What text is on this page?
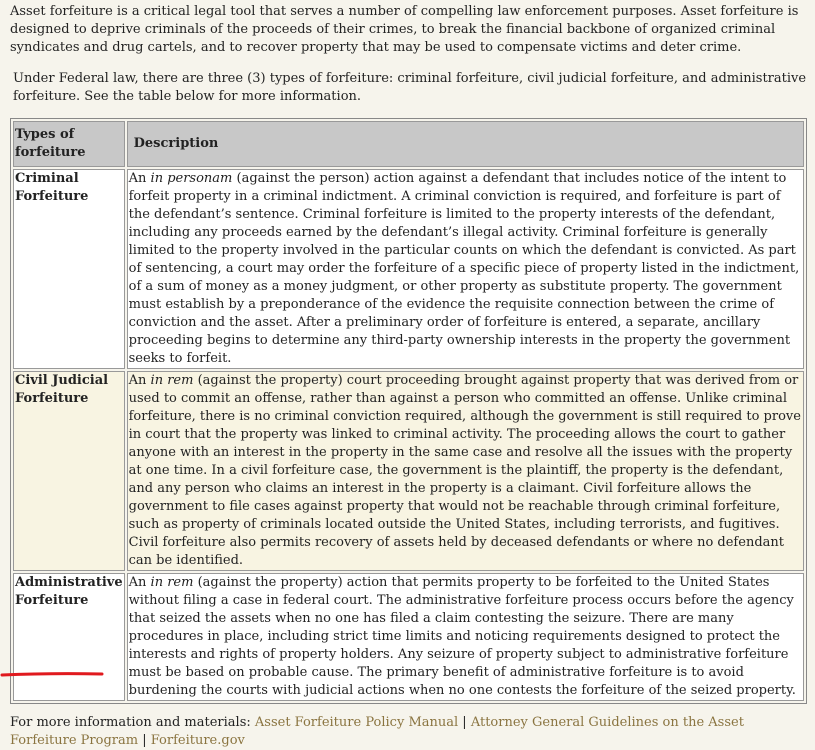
Asset forfeiture is a critical legal tool that serves a number of compelling law enforcement purposes. Asset forfeiture is designed to deprive criminals of the proceeds of their crimes, to break the financial backbone of organized criminal syndicates and drug cartels, and to recover property that may be used to compensate victims and deter crime.

Under Federal law, there are three (3) types of forfeiture: criminal forfeiture, civil judicial forfeiture, and administrative forfeiture. See the table below for more information.

Types of forfeiture	Description
Criminal Forfeiture	An in personam (against the person) action against a defendant that includes notice of the intent to forfeit property in a criminal indictment. A criminal conviction is required, and forfeiture is part of the defendant’s sentence. Criminal forfeiture is limited to the property interests of the defendant, including any proceeds earned by the defendant’s illegal activity. Criminal forfeiture is generally limited to the property involved in the particular counts on which the defendant is convicted. As part of sentencing, a court may order the forfeiture of a specific piece of property listed in the indictment, of a sum of money as a money judgment, or other property as substitute property. The government must establish by a preponderance of the evidence the requisite connection between the crime of conviction and the asset. After a preliminary order of forfeiture is entered, a separate, ancillary proceeding begins to determine any third-party ownership interests in the property the government seeks to forfeit.
Civil Judicial Forfeiture	An in rem (against the property) court proceeding brought against property that was derived from or used to commit an offense, rather than against a person who committed an offense. Unlike criminal forfeiture, there is no criminal conviction required, although the government is still required to prove in court that the property was linked to criminal activity. The proceeding allows the court to gather anyone with an interest in the property in the same case and resolve all the issues with the property at one time. In a civil forfeiture case, the government is the plaintiff, the property is the defendant, and any person who claims an interest in the property is a claimant. Civil forfeiture allows the government to file cases against property that would not be reachable through criminal forfeiture, such as property of criminals located outside the United States, including terrorists, and fugitives. Civil forfeiture also permits recovery of assets held by deceased defendants or where no defendant can be identified.
Administrative Forfeiture	An in rem (against the property) action that permits property to be forfeited to the United States without filing a case in federal court. The administrative forfeiture process occurs before the agency that seized the assets when no one has filed a claim contesting the seizure. There are many procedures in place, including strict time limits and noticing requirements designed to protect the interests and rights of property holders. Any seizure of property subject to administrative forfeiture must be based on probable cause. The primary benefit of administrative forfeiture is to avoid burdening the courts with judicial actions when no one contests the forfeiture of the seized property.

For more information and materials: Asset Forfeiture Policy Manual | Attorney General Guidelines on the Asset Forfeiture Program | Forfeiture.gov
